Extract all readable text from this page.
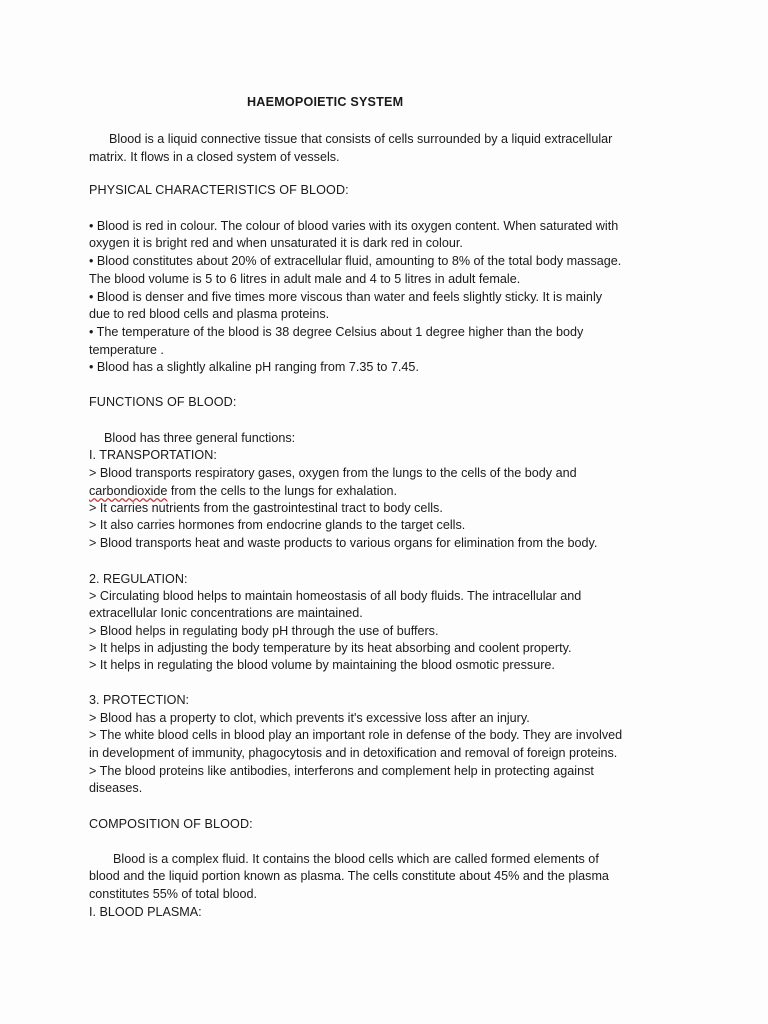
HAEMOPOIETIC SYSTEM
Blood is a liquid connective tissue that consists of cells surrounded by a liquid extracellular
matrix. It flows in a closed system of vessels.
PHYSICAL CHARACTERISTICS OF BLOOD:
• Blood is red in colour. The colour of blood varies with its oxygen content. When saturated with
oxygen it is bright red and when unsaturated it is dark red in colour.
• Blood constitutes about 20% of extracellular fluid, amounting to 8% of the total body massage.
The blood volume is 5 to 6 litres in adult male and 4 to 5 litres in adult female.
• Blood is denser and five times more viscous than water and feels slightly sticky. It is mainly
due to red blood cells and plasma proteins.
• The temperature of the blood is 38 degree Celsius about 1 degree higher than the body
temperature .
• Blood has a slightly alkaline pH ranging from 7.35 to 7.45.
FUNCTIONS OF BLOOD:
Blood has three general functions:
I. TRANSPORTATION:
> Blood transports respiratory gases, oxygen from the lungs to the cells of the body and
carbondioxide from the cells to the lungs for exhalation.
> It carries nutrients from the gastrointestinal tract to body cells.
> It also carries hormones from endocrine glands to the target cells.
> Blood transports heat and waste products to various organs for elimination from the body.
2. REGULATION:
> Circulating blood helps to maintain homeostasis of all body fluids. The intracellular and
extracellular Ionic concentrations are maintained.
> Blood helps in regulating body pH through the use of buffers.
> It helps in adjusting the body temperature by its heat absorbing and coolent property.
> It helps in regulating the blood volume by maintaining the blood osmotic pressure.
3. PROTECTION:
> Blood has a property to clot, which prevents it's excessive loss after an injury.
> The white blood cells in blood play an important role in defense of the body. They are involved
in development of immunity, phagocytosis and in detoxification and removal of foreign proteins.
> The blood proteins like antibodies, interferons and complement help in protecting against
diseases.
COMPOSITION OF BLOOD:
Blood is a complex fluid. It contains the blood cells which are called formed elements of
blood and the liquid portion known as plasma. The cells constitute about 45% and the plasma
constitutes 55% of total blood.
I. BLOOD PLASMA:
